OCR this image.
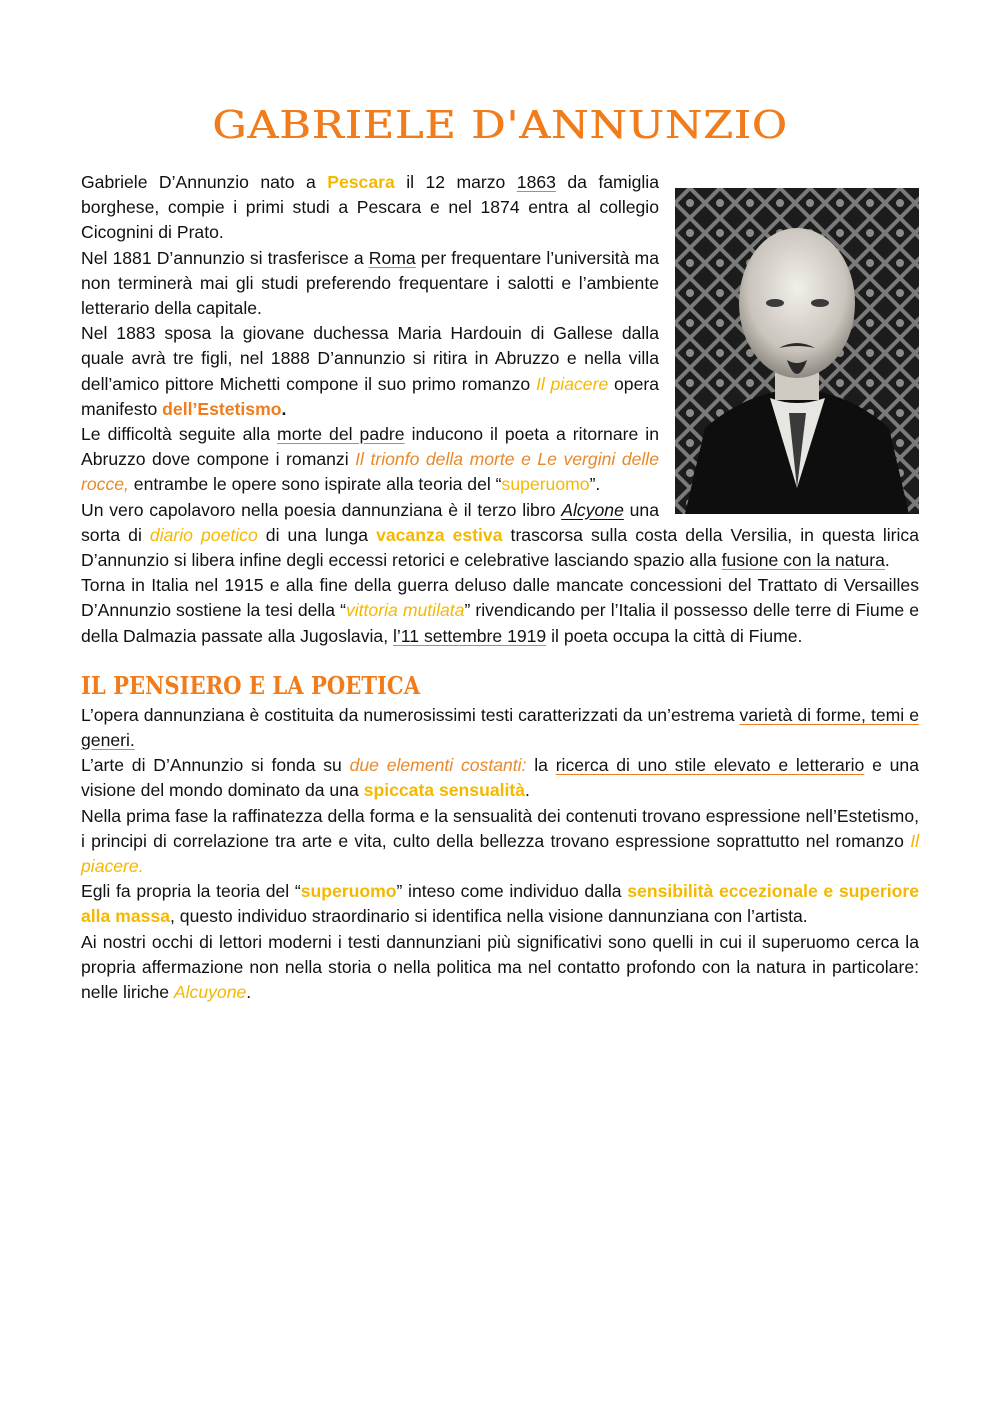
GABRIELE D'ANNUNZIO

Gabriele D’Annunzio nato a Pescara il 12 marzo 1863 da famiglia borghese, compie i primi studi a Pescara e nel 1874 entra al collegio Cicognini di Prato.

Nel 1881 D’annunzio si trasferisce a Roma per frequentare l’università ma non terminerà mai gli studi preferendo frequentare i salotti e l’ambiente letterario della capitale.

Nel 1883 sposa la giovane duchessa Maria Hardouin di Gallese dalla quale avrà tre figli, nel 1888 D’annunzio si ritira in Abruzzo e nella villa dell’amico pittore Michetti compone il suo primo romanzo Il piacere opera manifesto dell’Estetismo.

Le difficoltà seguite alla morte del padre inducono il poeta a ritornare in Abruzzo dove compone i romanzi Il trionfo della morte e Le vergini delle rocce, entrambe le opere sono ispirate alla teoria del “superuomo”.

Un vero capolavoro nella poesia dannunziana è il terzo libro Alcyone una sorta di diario poetico di una lunga vacanza estiva trascorsa sulla costa della Versilia, in questa lirica D’annunzio si libera infine degli eccessi retorici e celebrative lasciando spazio alla fusione con la natura.

Torna in Italia nel 1915 e alla fine della guerra deluso dalle mancate concessioni del Trattato di Versailles D’Annunzio sostiene la tesi della “vittoria mutilata” rivendicando per l’Italia il possesso delle terre di Fiume e della Dalmazia passate alla Jugoslavia, l’11 settembre 1919 il poeta occupa la città di Fiume.

IL PENSIERO E LA POETICA

L’opera dannunziana è costituita da numerosissimi testi caratterizzati da un’estrema varietà di forme, temi e generi.

L’arte di D’Annunzio si fonda su due elementi costanti: la ricerca di uno stile elevato e letterario e una visione del mondo dominato da una spiccata sensualità.

Nella prima fase la raffinatezza della forma e la sensualità dei contenuti trovano espressione nell’Estetismo, i principi di correlazione tra arte e vita, culto della bellezza trovano espressione soprattutto nel romanzo Il piacere.

Egli fa propria la teoria del “superuomo” inteso come individuo dalla sensibilità eccezionale e superiore alla massa, questo individuo straordinario si identifica nella visione dannunziana con l’artista.

Ai nostri occhi di lettori moderni i testi dannunziani più significativi sono quelli in cui il superuomo cerca la propria affermazione non nella storia o nella politica ma nel contatto profondo con la natura in particolare: nelle liriche Alcuyone.
